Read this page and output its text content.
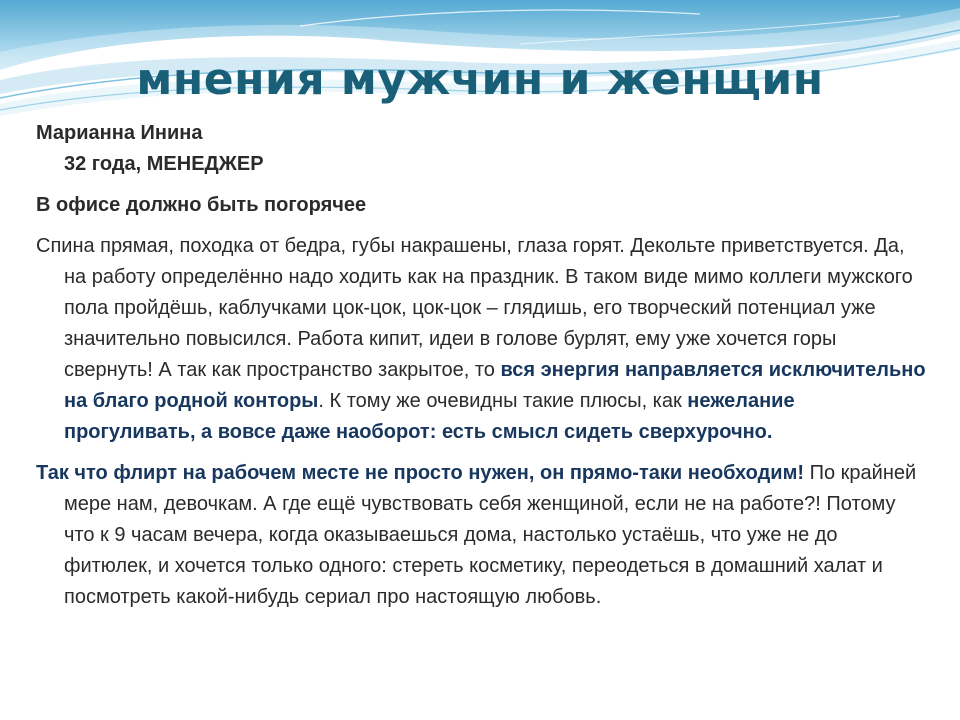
мнения мужчин и женщин

Марианна Инина

32 года, МЕНЕДЖЕР

В офисе должно быть погорячее

Спина прямая, походка от бедра, губы накрашены, глаза горят. Декольте приветствуется. Да, на работу определённо надо ходить как на праздник. В таком виде мимо коллеги мужского пола пройдёшь, каблучками цок-цок, цок-цок – глядишь, его творческий потенциал уже значительно повысился. Работа кипит, идеи в голове бурлят, ему уже хочется горы свернуть! А так как пространство закрытое, то вся энергия направляется исключительно на благо родной конторы. К тому же очевидны такие плюсы, как нежелание прогуливать, а вовсе даже наоборот: есть смысл сидеть сверхурочно.

Так что флирт на рабочем месте не просто нужен, он прямо-таки необходим! По крайней мере нам, девочкам. А где ещё чувствовать себя женщиной, если не на работе?! Потому что к 9 часам вечера, когда оказываешься дома, настолько устаёшь, что уже не до фитюлек, и хочется только одного: стереть косметику, переодеться в домашний халат и посмотреть какой-нибудь сериал про настоящую любовь.
